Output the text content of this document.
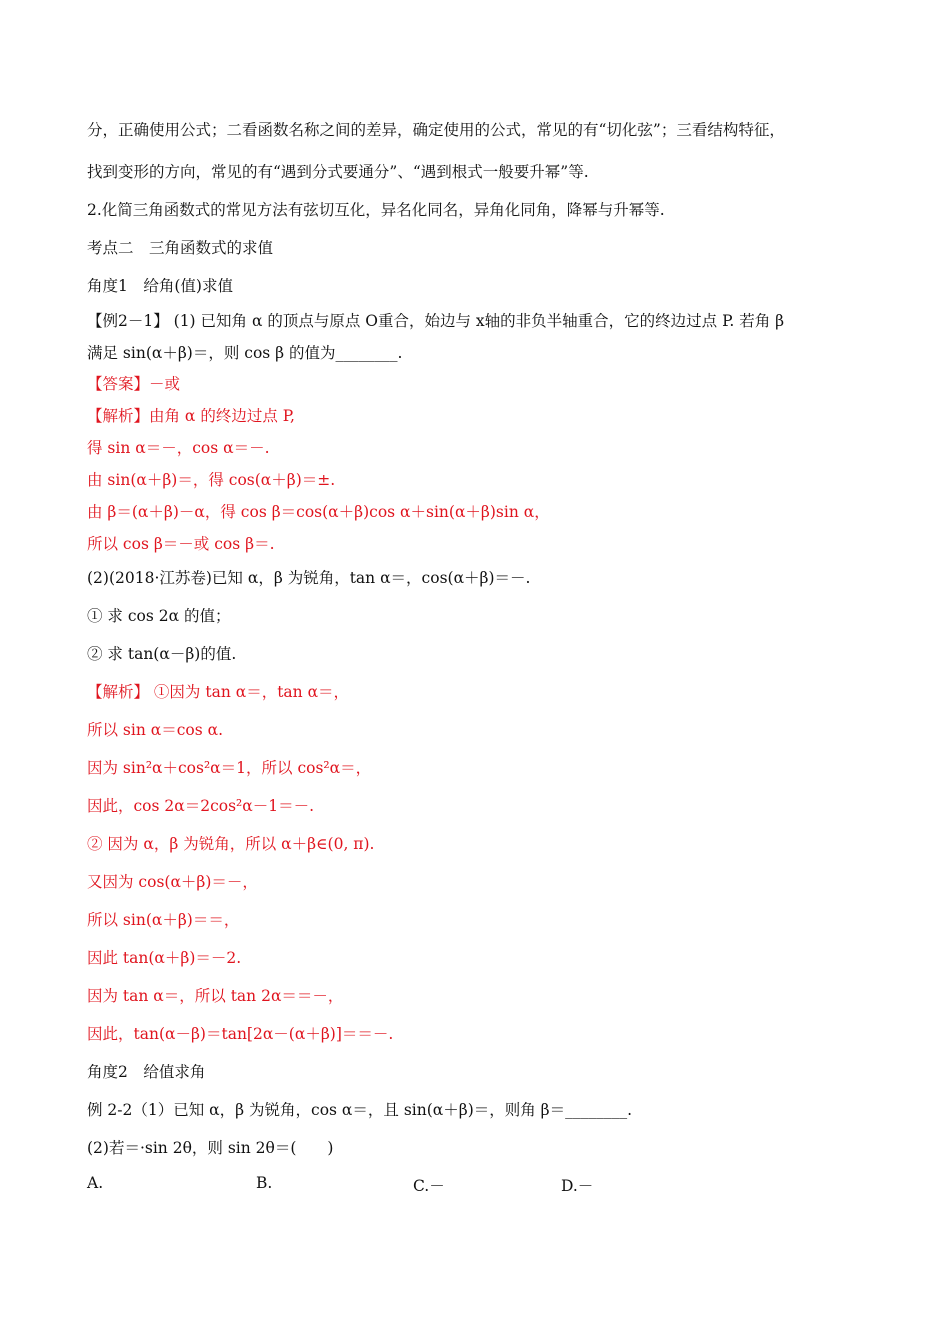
分，正确使用公式；二看函数名称之间的差异，确定使用的公式，常见的有“切化弦”；三看结构特征，
找到变形的方向，常见的有“遇到分式要通分”、“遇到根式一般要升幂”等.
2.化简三角函数式的常见方法有弦切互化，异名化同名，异角化同角，降幂与升幂等.
考点二　三角函数式的求值
角度1　给角(值)求值
【例2－1】 (1) 已知角 α 的顶点与原点 O重合，始边与 x轴的非负半轴重合，它的终边过点 P. 若角 β
满足 sin(α＋β)＝，则 cos β 的值为________.
【答案】－或
【解析】由角 α 的终边过点 P,
得 sin α＝－，cos α＝－.
由 sin(α＋β)＝，得 cos(α＋β)＝±.
由 β＝(α＋β)－α，得 cos β＝cos(α＋β)cos α＋sin(α＋β)sin α，
所以 cos β＝－或 cos β＝.
(2)(2018·江苏卷)已知 α，β 为锐角，tan α＝，cos(α＋β)＝－.
① 求 cos 2α 的值；
② 求 tan(α－β)的值.
【解析】 ①因为 tan α＝，tan α＝，
所以 sin α＝cos α.
因为 sin²α＋cos²α＝1，所以 cos²α＝，
因此，cos 2α＝2cos²α－1＝－.
② 因为 α，β 为锐角，所以 α＋β∈(0, π).
又因为 cos(α＋β)＝－，
所以 sin(α＋β)＝＝，
因此 tan(α＋β)＝－2.
因为 tan α＝，所以 tan 2α＝＝－，
因此，tan(α－β)＝tan[2α－(α＋β)]＝＝－.
角度2　给值求角
例 2-2（1）已知 α，β 为锐角，cos α＝，且 sin(α＋β)＝，则角 β＝________.
(2)若＝·sin 2θ，则 sin 2θ＝(　　)
A.	B.	C.－	D.－
